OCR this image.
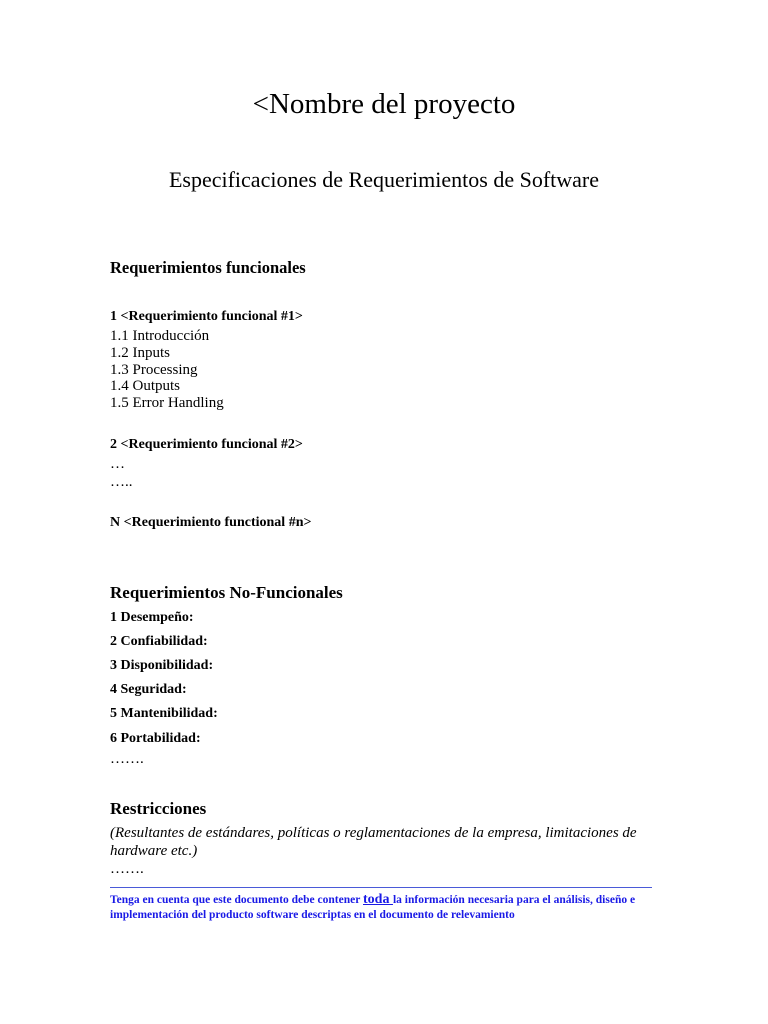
<Nombre del proyecto
Especificaciones de Requerimientos de Software
Requerimientos funcionales
1 <Requerimiento funcional #1>
1.1 Introducción
1.2 Inputs
1.3 Processing
1.4 Outputs
1.5 Error Handling
2 <Requerimiento funcional #2>
…
…..
N <Requerimiento functional #n>
Requerimientos No-Funcionales
1 Desempeño:
2 Confiabilidad:
3 Disponibilidad:
4 Seguridad:
5 Mantenibilidad:
6 Portabilidad:
…….
Restricciones
(Resultantes de estándares, políticas o reglamentaciones de la empresa, limitaciones de hardware etc.)
…….
Tenga en cuenta que este documento debe contener toda la información necesaria para el análisis, diseño e implementación del producto software descriptas en el documento de relevamiento
